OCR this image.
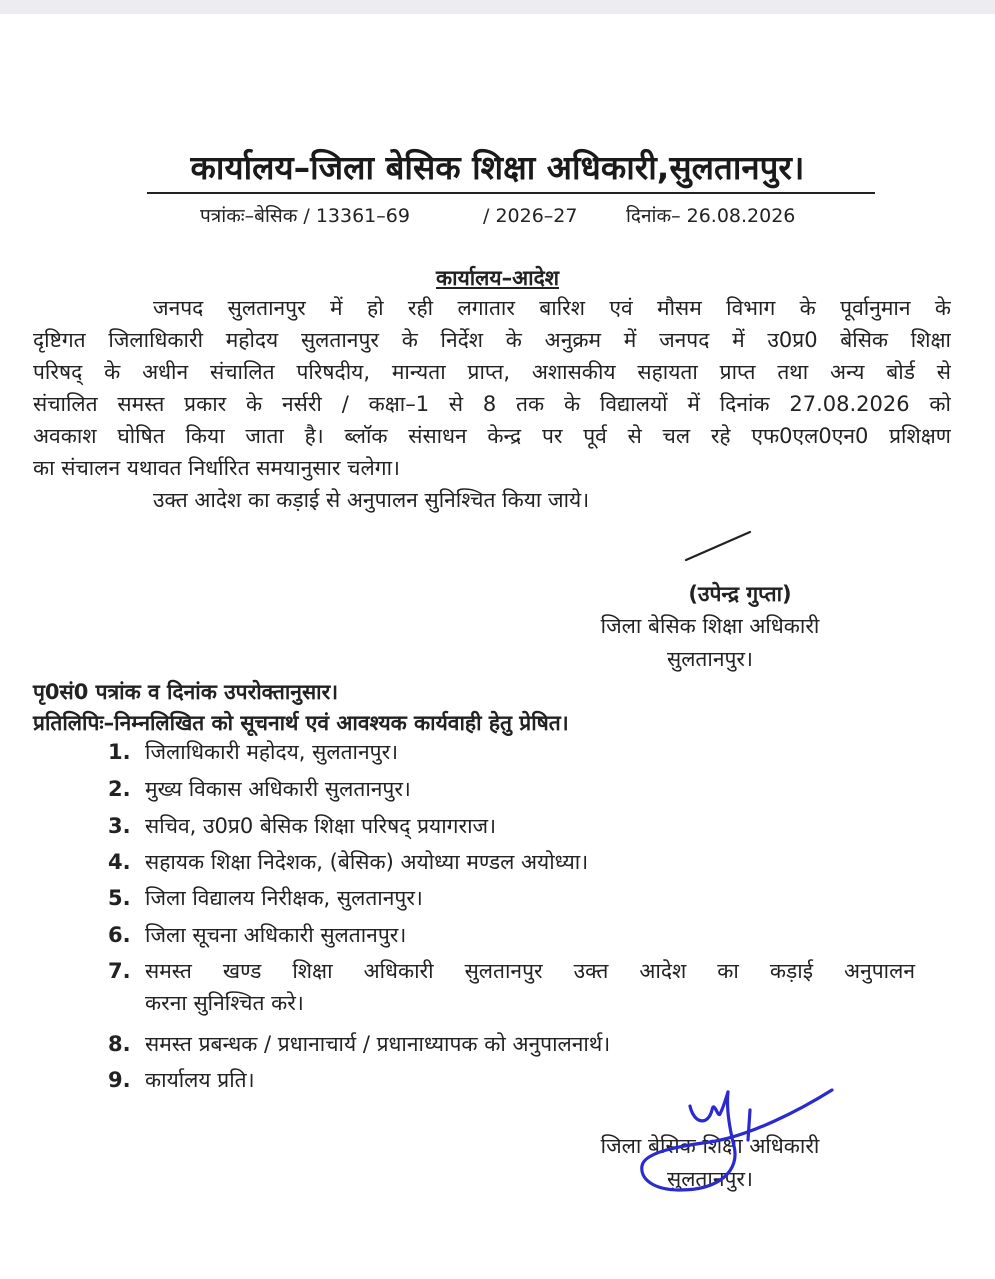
कार्यालय–जिला बेसिक शिक्षा अधिकारी,सुलतानपुर।
पत्रांकः–बेसिक / 13361–69	/ 2026–27	दिनांक– 26.08.2026
कार्यालय–आदेश
जनपद सुलतानपुर में हो रही लगातार बारिश एवं मौसम विभाग के पूर्वानुमान के
दृष्टिगत जिलाधिकारी महोदय सुलतानपुर के निर्देश के अनुक्रम में जनपद में उ0प्र0 बेसिक शिक्षा
परिषद् के अधीन संचालित परिषदीय, मान्यता प्राप्त, अशासकीय सहायता प्राप्त तथा अन्य बोर्ड से
संचालित समस्त प्रकार के नर्सरी / कक्षा–1 से 8 तक के विद्यालयों में दिनांक 27.08.2026 को
अवकाश घोषित किया जाता है। ब्लॉक संसाधन केन्द्र पर पूर्व से चल रहे एफ0एल0एन0 प्रशिक्षण
का संचालन यथावत निर्धारित समयानुसार चलेगा।
उक्त आदेश का कड़ाई से अनुपालन सुनिश्चित किया जाये।
(उपेन्द्र गुप्ता)
जिला बेसिक शिक्षा अधिकारी
सुलतानपुर।
पृ0सं0 पत्रांक व दिनांक उपरोक्तानुसार।
प्रतिलिपिः–निम्नलिखित को सूचनार्थ एवं आवश्यक कार्यवाही हेतु प्रेषित।
1. जिलाधिकारी महोदय, सुलतानपुर।
2. मुख्य विकास अधिकारी सुलतानपुर।
3. सचिव, उ0प्र0 बेसिक शिक्षा परिषद् प्रयागराज।
4. सहायक शिक्षा निदेशक, (बेसिक) अयोध्या मण्डल अयोध्या।
5. जिला विद्यालय निरीक्षक, सुलतानपुर।
6. जिला सूचना अधिकारी सुलतानपुर।
7. समस्त खण्ड शिक्षा अधिकारी सुलतानपुर उक्त आदेश का कड़ाई अनुपालन
करना सुनिश्चित करे।
8. समस्त प्रबन्धक / प्रधानाचार्य / प्रधानाध्यापक को अनुपालनार्थ।
9. कार्यालय प्रति।
जिला बेसिक शिक्षा अधिकारी
सुलतानपुर।
